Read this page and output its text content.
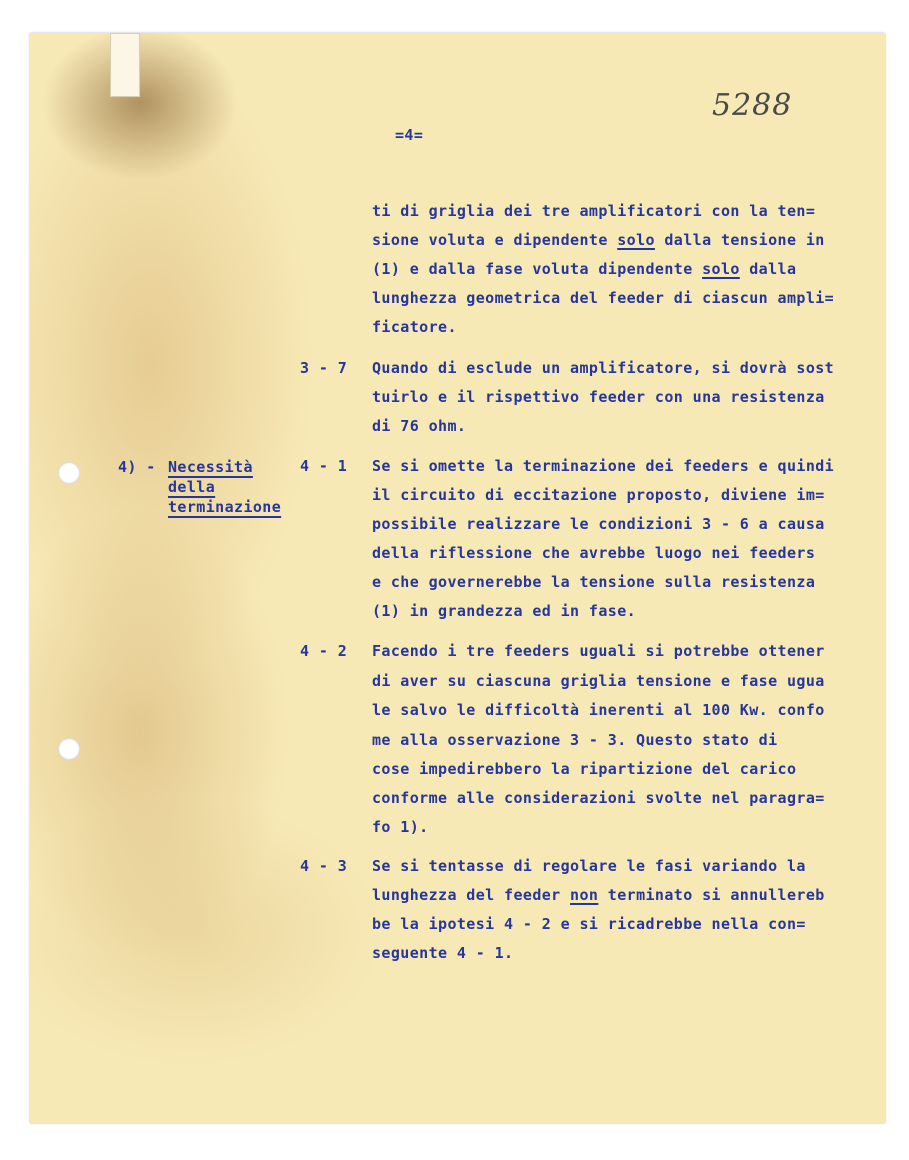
5288
=4=
4) - Necessità
della
terminazione
ti di griglia dei tre amplificatori con la ten=
sione voluta e dipendente solo dalla tensione in
(1) e dalla fase voluta dipendente solo dalla
lunghezza geometrica del feeder di ciascun ampli=
ficatore.
3 - 7 Quando di esclude un amplificatore, si dovrà sost
tuirlo e il rispettivo feeder con una resistenza
di 76 ohm.
4 - 1 Se si omette la terminazione dei feeders e quindi
il circuito di eccitazione proposto, diviene im=
possibile realizzare le condizioni 3 - 6 a causa
della riflessione che avrebbe luogo nei feeders
e che governerebbe la tensione sulla resistenza
(1) in grandezza ed in fase.
4 - 2 Facendo i tre feeders uguali si potrebbe ottener
di aver su ciascuna griglia tensione e fase ugua
le salvo le difficoltà inerenti al 100 Kw. confo
me alla osservazione 3 - 3. Questo stato di
cose impedirebbero la ripartizione del carico
conforme alle considerazioni svolte nel paragra=
fo 1).
4 - 3 Se si tentasse di regolare le fasi variando la
lunghezza del feeder non terminato si annullereb
be la ipotesi 4 - 2 e si ricadrebbe nella con=
seguente 4 - 1.
